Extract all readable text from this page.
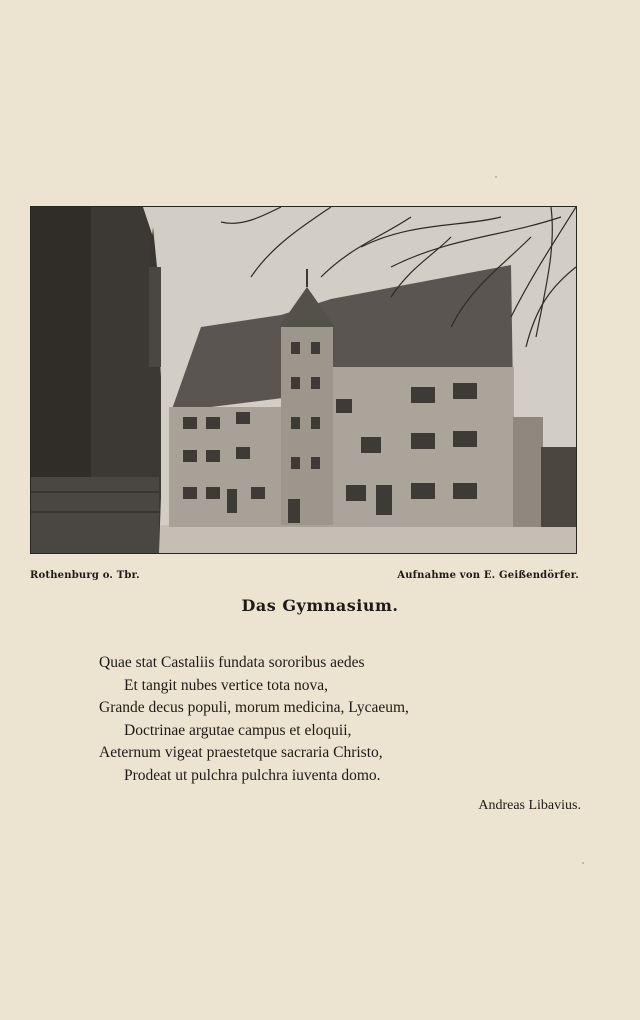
Rothenburg o. Tbr.	Aufnahme von E. Geißendörfer.
Das Gymnasium.
Quae stat Castaliis fundata sororibus aedes
Et tangit nubes vertice tota nova,
Grande decus populi, morum medicina, Lycaeum,
Doctrinae argutae campus et eloquii,
Aeternum vigeat praestetque sacraria Christo,
Prodeat ut pulchra pulchra iuventa domo.
Andreas Libavius.
